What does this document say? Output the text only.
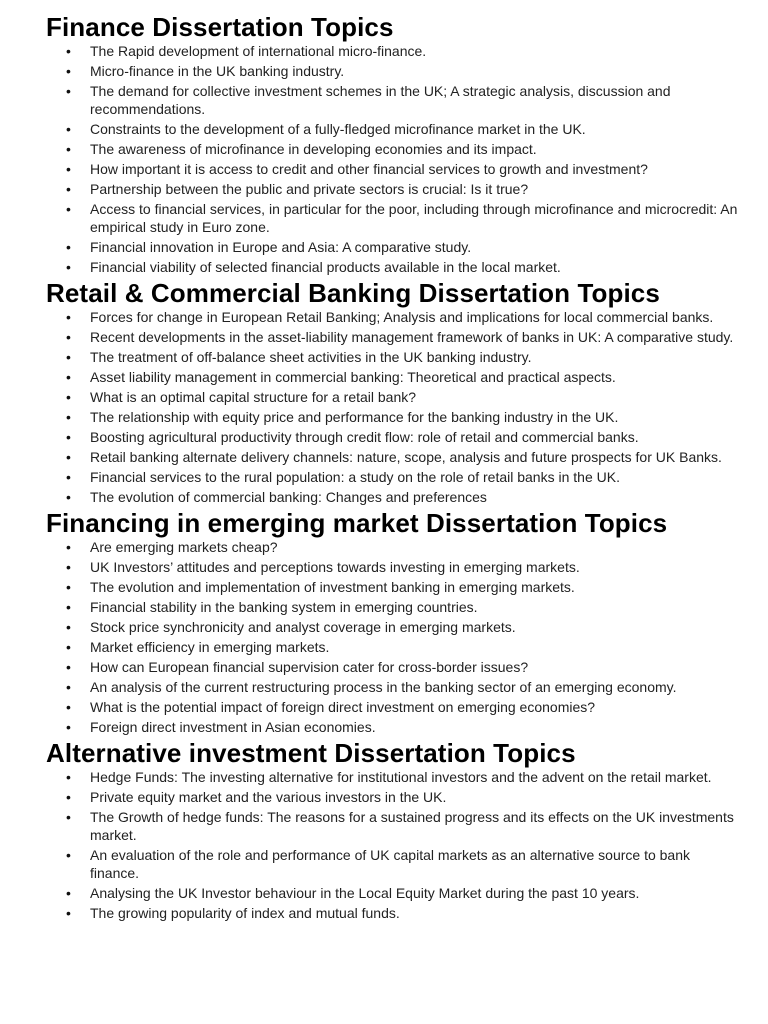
Finance Dissertation Topics
• The Rapid development of international micro-finance.
• Micro-finance in the UK banking industry.
• The demand for collective investment schemes in the UK; A strategic analysis, discussion and recommendations.
• Constraints to the development of a fully-fledged microfinance market in the UK.
• The awareness of microfinance in developing economies and its impact.
• How important it is access to credit and other financial services to growth and investment?
• Partnership between the public and private sectors is crucial: Is it true?
• Access to financial services, in particular for the poor, including through microfinance and microcredit: An empirical study in Euro zone.
• Financial innovation in Europe and Asia: A comparative study.
• Financial viability of selected financial products available in the local market.
Retail & Commercial Banking Dissertation Topics
• Forces for change in European Retail Banking; Analysis and implications for local commercial banks.
• Recent developments in the asset-liability management framework of banks in UK: A comparative study.
• The treatment of off-balance sheet activities in the UK banking industry.
• Asset liability management in commercial banking: Theoretical and practical aspects.
• What is an optimal capital structure for a retail bank?
• The relationship with equity price and performance for the banking industry in the UK.
• Boosting agricultural productivity through credit flow: role of retail and commercial banks.
• Retail banking alternate delivery channels: nature, scope, analysis and future prospects for UK Banks.
• Financial services to the rural population: a study on the role of retail banks in the UK.
• The evolution of commercial banking: Changes and preferences
Financing in emerging market Dissertation Topics
• Are emerging markets cheap?
• UK Investors’ attitudes and perceptions towards investing in emerging markets.
• The evolution and implementation of investment banking in emerging markets.
• Financial stability in the banking system in emerging countries.
• Stock price synchronicity and analyst coverage in emerging markets.
• Market efficiency in emerging markets.
• How can European financial supervision cater for cross-border issues?
• An analysis of the current restructuring process in the banking sector of an emerging economy.
• What is the potential impact of foreign direct investment on emerging economies?
• Foreign direct investment in Asian economies.
Alternative investment Dissertation Topics
• Hedge Funds: The investing alternative for institutional investors and the advent on the retail market.
• Private equity market and the various investors in the UK.
• The Growth of hedge funds: The reasons for a sustained progress and its effects on the UK investments market.
• An evaluation of the role and performance of UK capital markets as an alternative source to bank finance.
• Analysing the UK Investor behaviour in the Local Equity Market during the past 10 years.
• The growing popularity of index and mutual funds.
